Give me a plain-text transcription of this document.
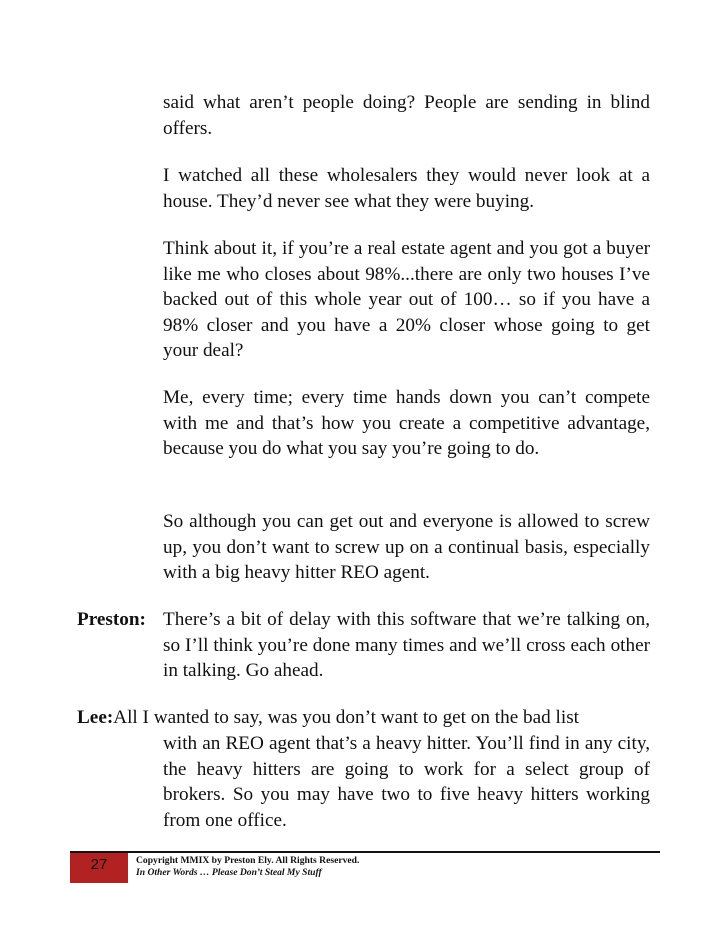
said what aren’t people doing? People are sending in blind offers.
I watched all these wholesalers they would never look at a house. They’d never see what they were buying.
Think about it, if you’re a real estate agent and you got a buyer like me who closes about 98%...there are only two houses I’ve backed out of this whole year out of 100… so if you have a 98% closer and you have a 20% closer whose going to get your deal?
Me, every time; every time hands down you can’t compete with me and that’s how you create a competitive advantage, because you do what you say you’re going to do.
So although you can get out and everyone is allowed to screw up, you don’t want to screw up on a continual basis, especially with a big heavy hitter REO agent.
Preston: There’s a bit of delay with this software that we’re talking on, so I’ll think you’re done many times and we’ll cross each other in talking. Go ahead.
Lee:All I wanted to say, was you don’t want to get on the bad list
with an REO agent that’s a heavy hitter. You’ll find in any city, the heavy hitters are going to work for a select group of brokers. So you may have two to five heavy hitters working from one office.
27	Copyright MMIX by Preston Ely. All Rights Reserved.
In Other Words … Please Don’t Steal My Stuff
